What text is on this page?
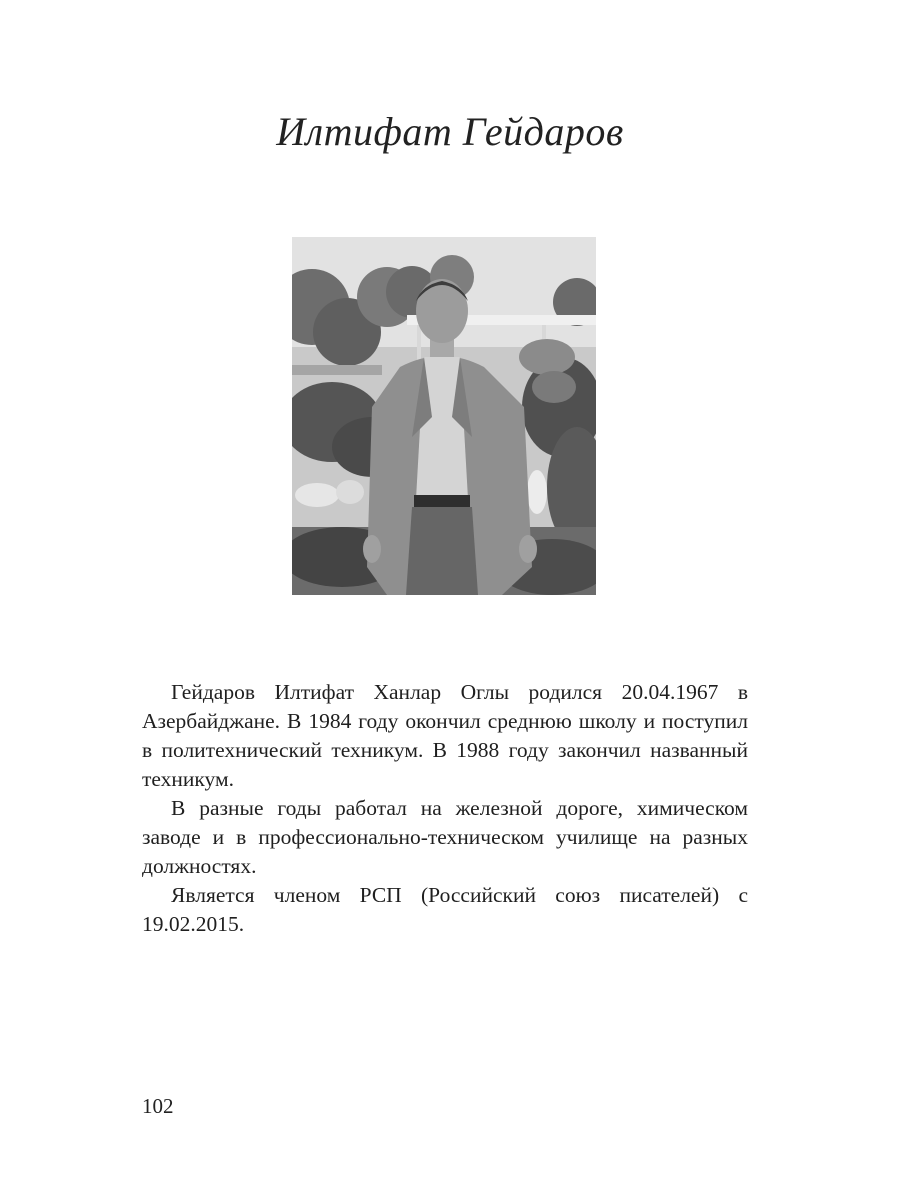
Илтифат Гейдаров

Гейдаров Илтифат Ханлар Оглы родился 20.04.1967 в Азербайджане. В 1984 году окончил среднюю школу и поступил в политехнический техникум. В 1988 году закончил названный техникум.

В разные годы работал на железной дороге, химическом заводе и в профессионально-техническом училище на разных должностях.

Является членом РСП (Российский союз писателей) с 19.02.2015.

102
